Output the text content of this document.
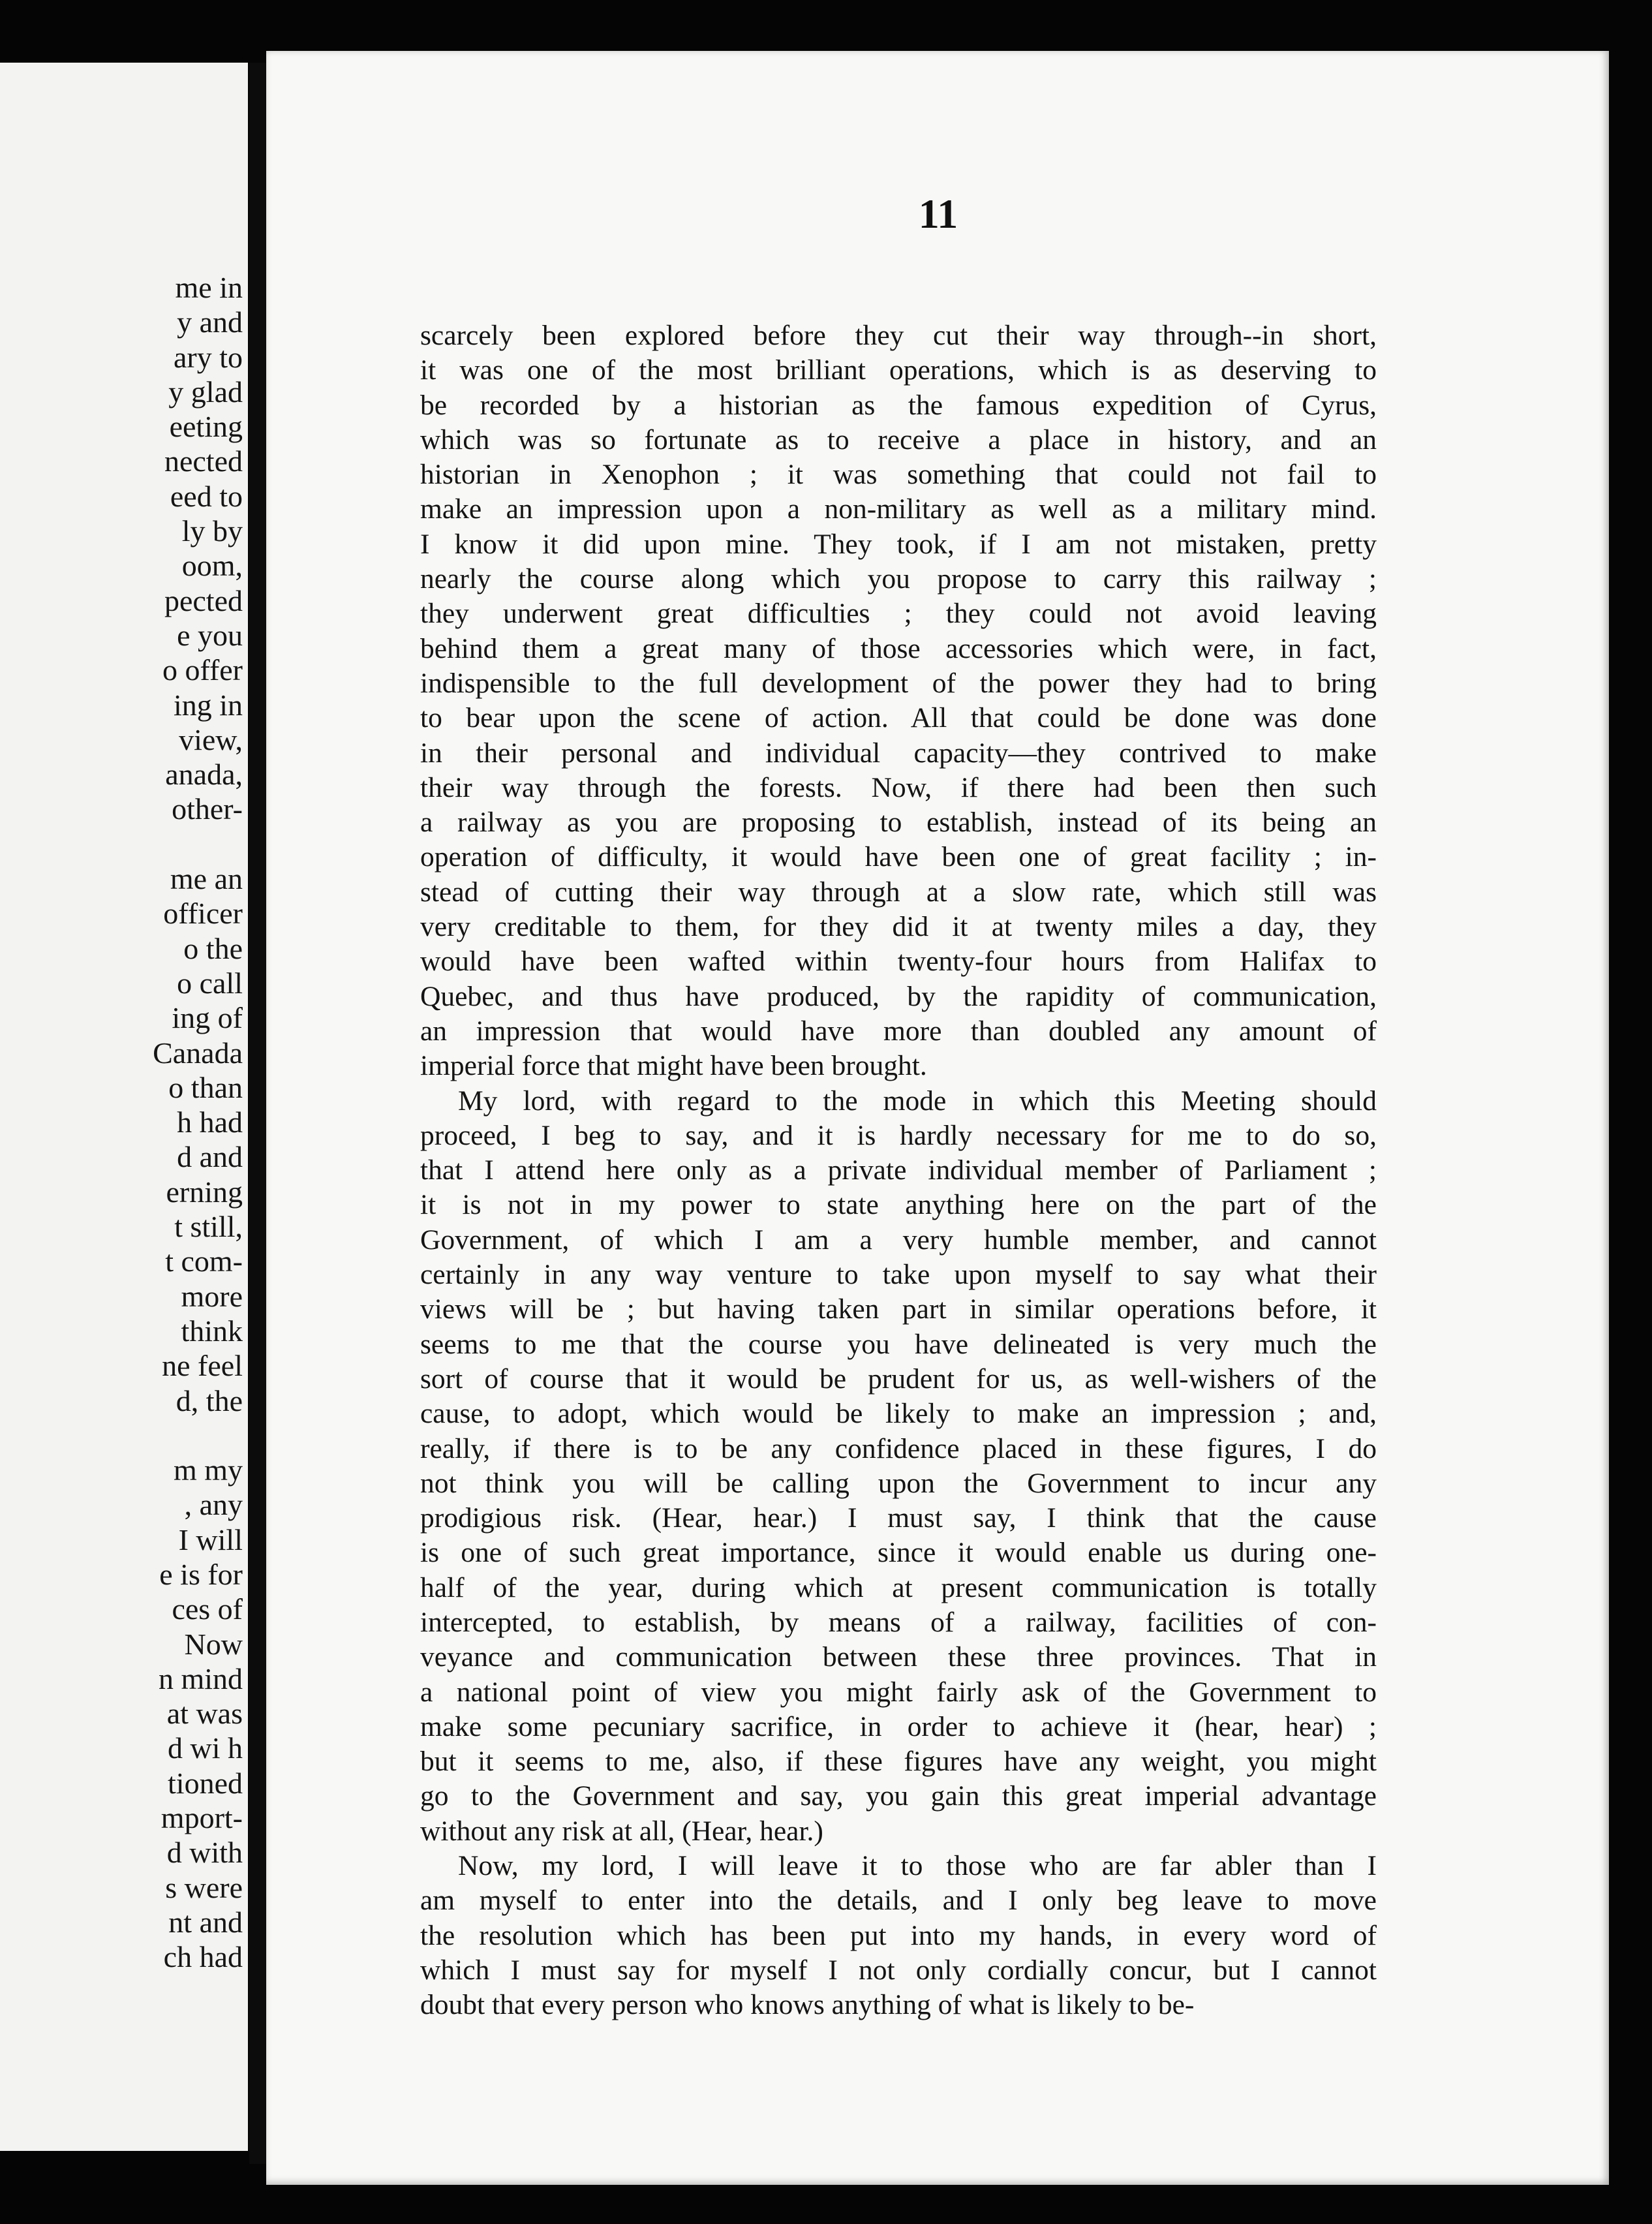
me in
y and
ary to
y glad
eeting
nected
eed to
ly by
oom,
pected
e you
o offer
ing in
view,
anada,
other-

me an
officer
o the
o call
ing of
Canada
o than
h had
d and
erning
t still,
t com-
more
think
ne feel
d, the

m my
, any
I will
e is for
ces of
Now
n mind
at was
d wi h
tioned
mport-
d with
s were
nt and
ch had
11
scarcely been explored before they cut their way through--in short,
it was one of the most brilliant operations, which is as deserving to
be recorded by a historian as the famous expedition of Cyrus,
which was so fortunate as to receive a place in history, and an
historian in Xenophon ; it was something that could not fail to
make an impression upon a non-military as well as a military mind.
I know it did upon mine. They took, if I am not mistaken, pretty
nearly the course along which you propose to carry this railway ;
they underwent great difficulties ; they could not avoid leaving
behind them a great many of those accessories which were, in fact,
indispensible to the full development of the power they had to bring
to bear upon the scene of action. All that could be done was done
in their personal and individual capacity—they contrived to make
their way through the forests. Now, if there had been then such
a railway as you are proposing to establish, instead of its being an
operation of difficulty, it would have been one of great facility ; in-
stead of cutting their way through at a slow rate, which still was
very creditable to them, for they did it at twenty miles a day, they
would have been wafted within twenty-four hours from Halifax to
Quebec, and thus have produced, by the rapidity of communication,
an impression that would have more than doubled any amount of
imperial force that might have been brought.
My lord, with regard to the mode in which this Meeting should
proceed, I beg to say, and it is hardly necessary for me to do so,
that I attend here only as a private individual member of Parliament ;
it is not in my power to state anything here on the part of the
Government, of which I am a very humble member, and cannot
certainly in any way venture to take upon myself to say what their
views will be ; but having taken part in similar operations before, it
seems to me that the course you have delineated is very much the
sort of course that it would be prudent for us, as well-wishers of the
cause, to adopt, which would be likely to make an impression ; and,
really, if there is to be any confidence placed in these figures, I do
not think you will be calling upon the Government to incur any
prodigious risk. (Hear, hear.) I must say, I think that the cause
is one of such great importance, since it would enable us during one-
half of the year, during which at present communication is totally
intercepted, to establish, by means of a railway, facilities of con-
veyance and communication between these three provinces. That in
a national point of view you might fairly ask of the Government to
make some pecuniary sacrifice, in order to achieve it (hear, hear) ;
but it seems to me, also, if these figures have any weight, you might
go to the Government and say, you gain this great imperial advantage
without any risk at all, (Hear, hear.)
Now, my lord, I will leave it to those who are far abler than I
am myself to enter into the details, and I only beg leave to move
the resolution which has been put into my hands, in every word of
which I must say for myself I not only cordially concur, but I cannot
doubt that every person who knows anything of what is likely to be-
